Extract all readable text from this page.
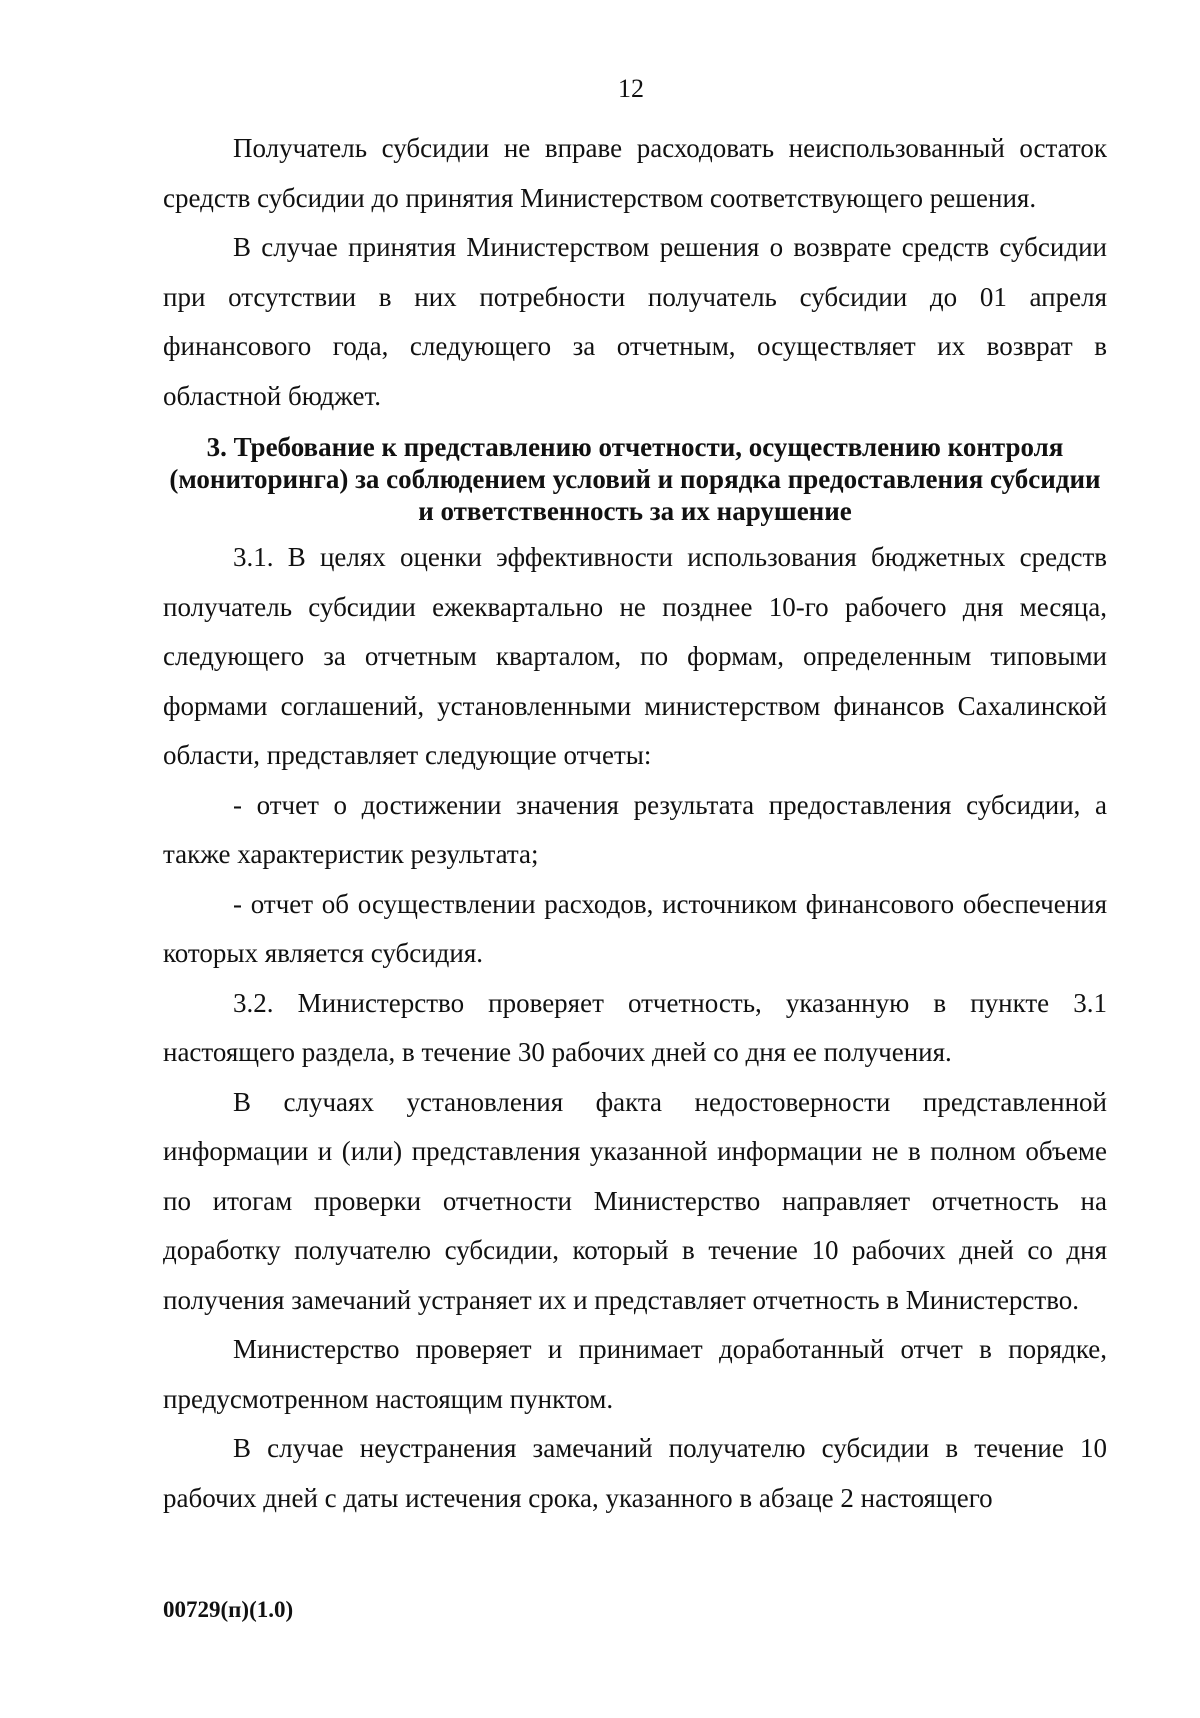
12

Получатель субсидии не вправе расходовать неиспользованный остаток средств субсидии до принятия Министерством соответствующего решения.

В случае принятия Министерством решения о возврате средств субсидии при отсутствии в них потребности получатель субсидии до 01 апреля финансового года, следующего за отчетным, осуществляет их возврат в областной бюджет.

3. Требование к представлению отчетности, осуществлению контроля (мониторинга) за соблюдением условий и порядка предоставления субсидии и ответственность за их нарушение

3.1. В целях оценки эффективности использования бюджетных средств получатель субсидии ежеквартально не позднее 10-го рабочего дня месяца, следующего за отчетным кварталом, по формам, определенным типовыми формами соглашений, установленными министерством финансов Сахалинской области, представляет следующие отчеты:

- отчет о достижении значения результата предоставления субсидии, а также характеристик результата;

- отчет об осуществлении расходов, источником финансового обеспечения которых является субсидия.

3.2. Министерство проверяет отчетность, указанную в пункте 3.1 настоящего раздела, в течение 30 рабочих дней со дня ее получения.

В случаях установления факта недостоверности представленной информации и (или) представления указанной информации не в полном объеме по итогам проверки отчетности Министерство направляет отчетность на доработку получателю субсидии, который в течение 10 рабочих дней со дня получения замечаний устраняет их и представляет отчетность в Министерство.

Министерство проверяет и принимает доработанный отчет в порядке, предусмотренном настоящим пунктом.

В случае неустранения замечаний получателю субсидии в течение 10 рабочих дней с даты истечения срока, указанного в абзаце 2 настоящего

00729(п)(1.0)
